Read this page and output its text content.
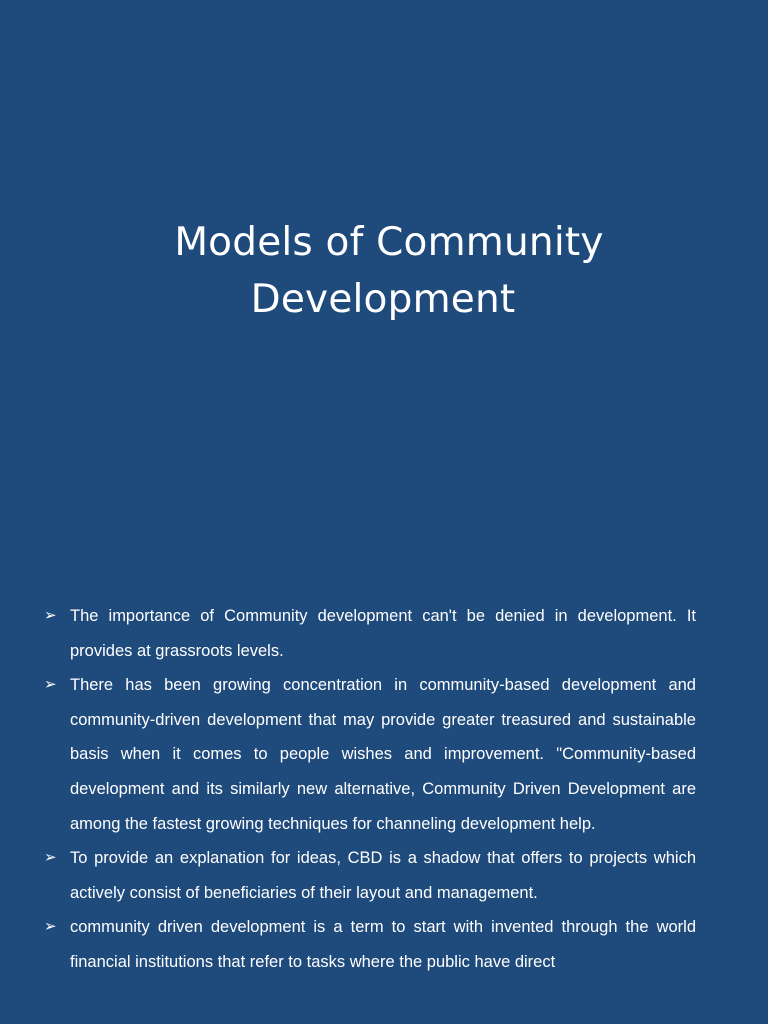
Models of Community
Development
➢ The importance of Community development can't be denied in development. It provides at grassroots levels.
➢ There has been growing concentration in community-based development and community-driven development that may provide greater treasured and sustainable basis when it comes to people wishes and improvement. "Community-based development and its similarly new alternative, Community Driven Development are among the fastest growing techniques for channeling development help.
➢ To provide an explanation for ideas, CBD is a shadow that offers to projects which actively consist of beneficiaries of their layout and management.
➢ community driven development is a term to start with invented through the world financial institutions that refer to tasks where the public have direct
